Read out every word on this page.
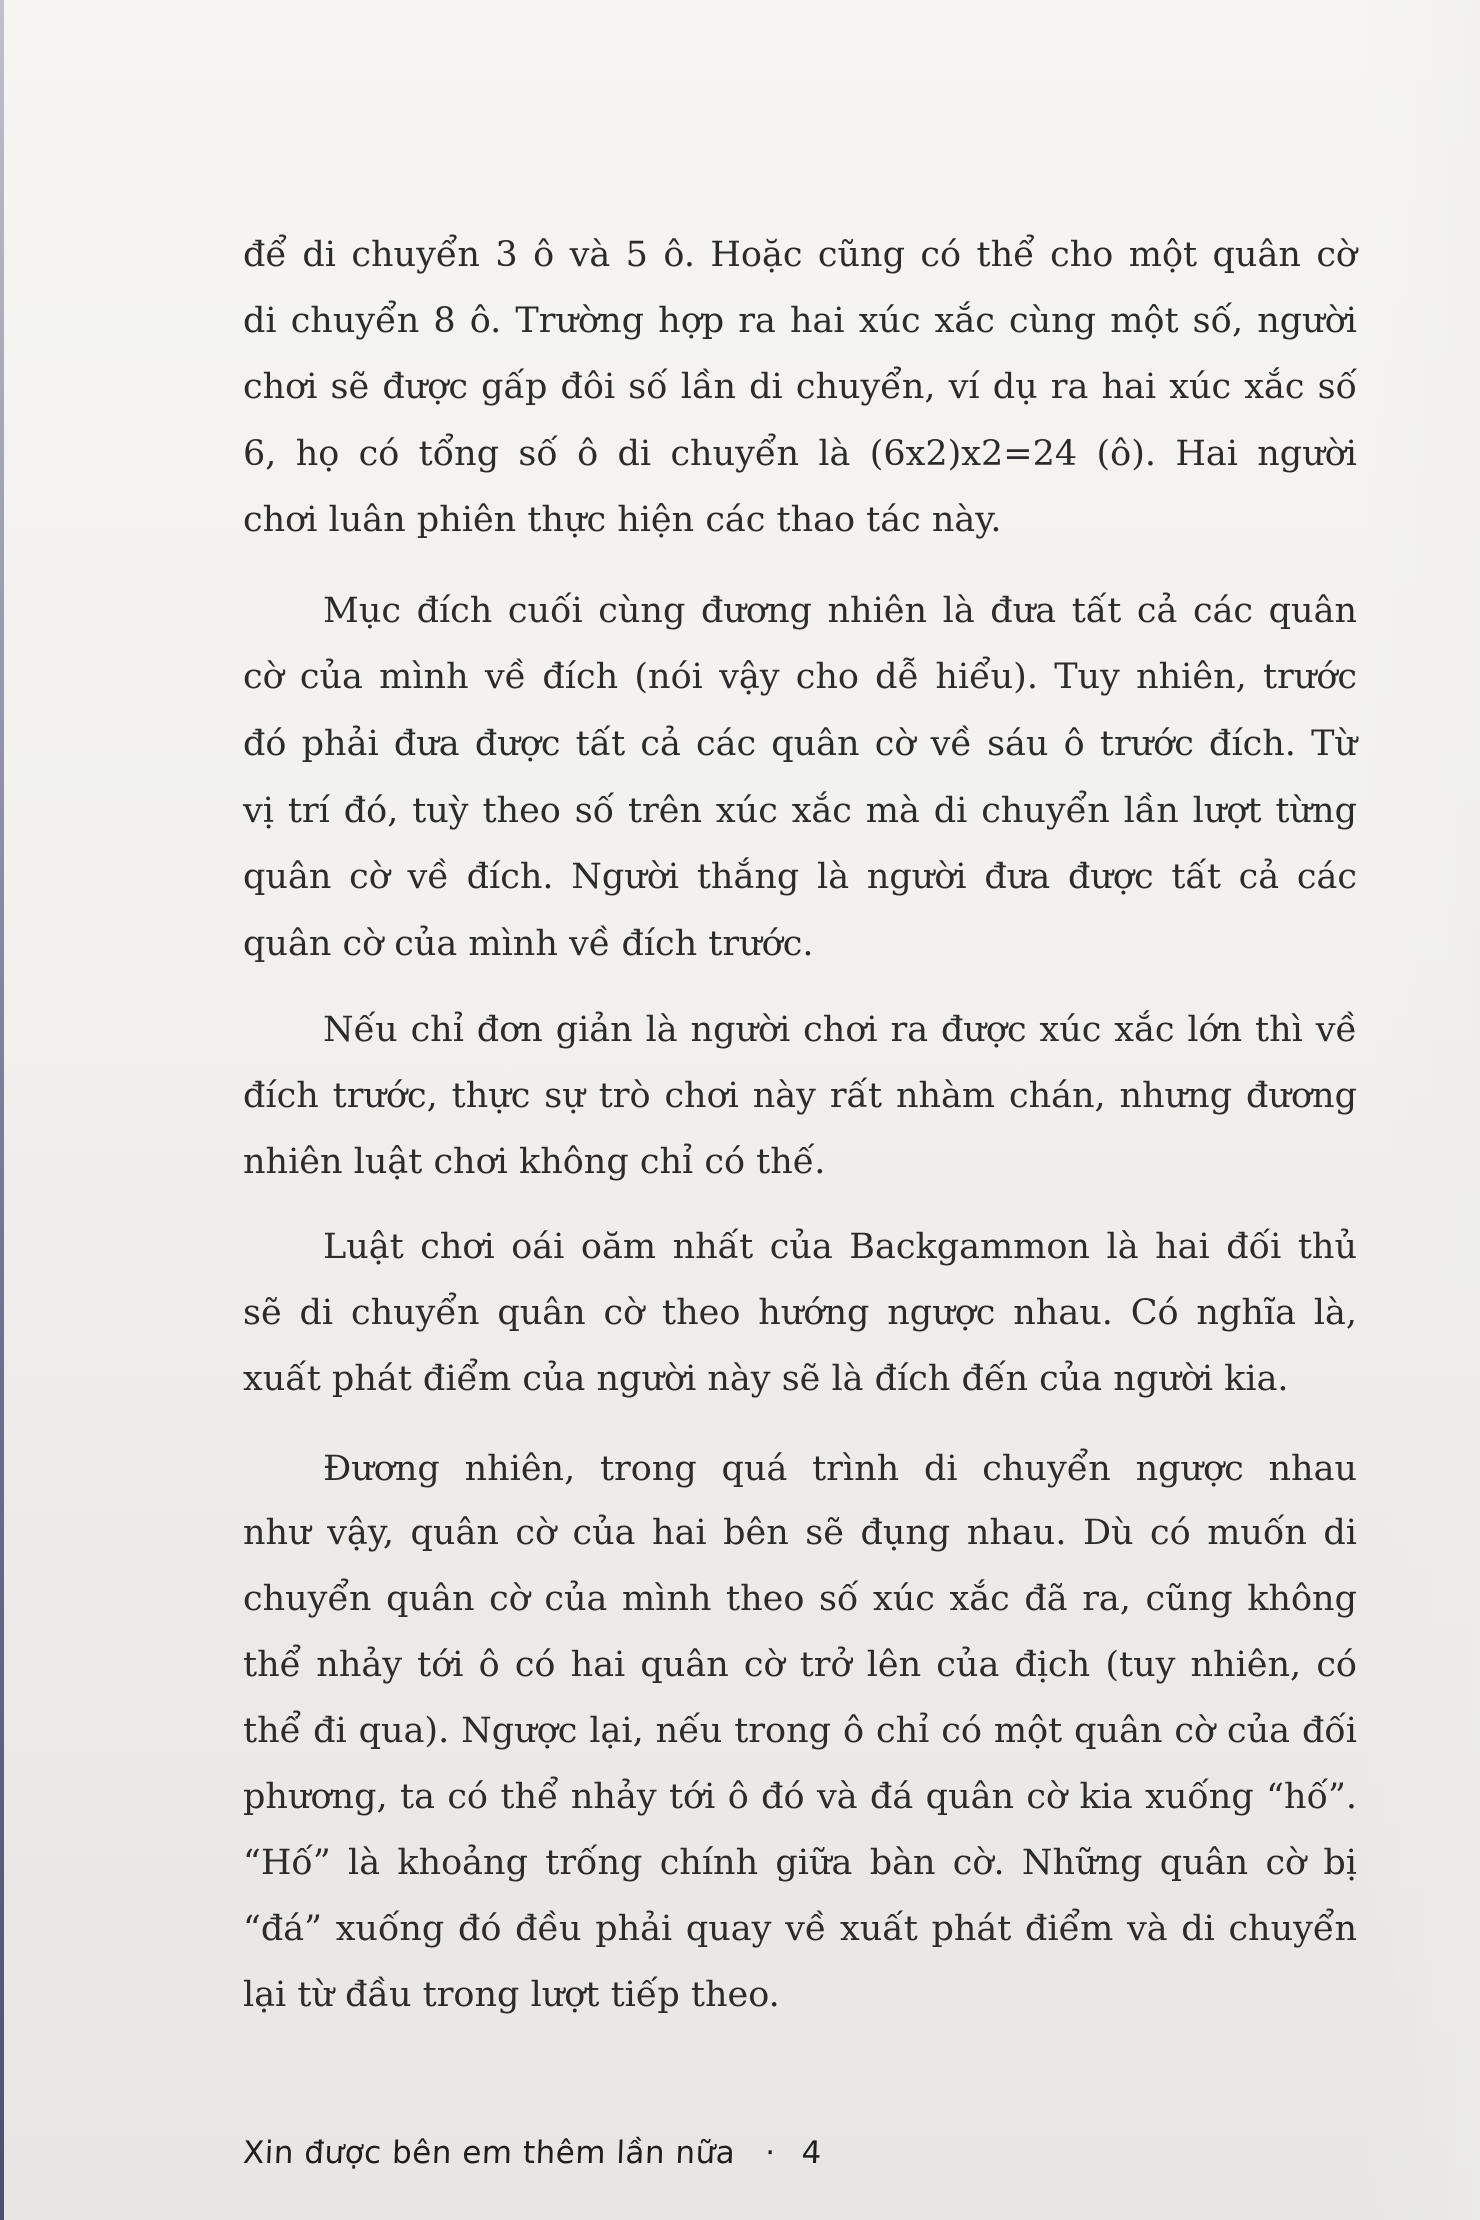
để di chuyển 3 ô và 5 ô. Hoặc cũng có thể cho một quân cờ
di chuyển 8 ô. Trường hợp ra hai xúc xắc cùng một số, người
chơi sẽ được gấp đôi số lần di chuyển, ví dụ ra hai xúc xắc số
6, họ có tổng số ô di chuyển là (6x2)x2=24 (ô). Hai người
chơi luân phiên thực hiện các thao tác này.
Mục đích cuối cùng đương nhiên là đưa tất cả các quân
cờ của mình về đích (nói vậy cho dễ hiểu). Tuy nhiên, trước
đó phải đưa được tất cả các quân cờ về sáu ô trước đích. Từ
vị trí đó, tuỳ theo số trên xúc xắc mà di chuyển lần lượt từng
quân cờ về đích. Người thắng là người đưa được tất cả các
quân cờ của mình về đích trước.
Nếu chỉ đơn giản là người chơi ra được xúc xắc lớn thì về
đích trước, thực sự trò chơi này rất nhàm chán, nhưng đương
nhiên luật chơi không chỉ có thế.
Luật chơi oái oăm nhất của Backgammon là hai đối thủ
sẽ di chuyển quân cờ theo hướng ngược nhau. Có nghĩa là,
xuất phát điểm của người này sẽ là đích đến của người kia.
Đương nhiên, trong quá trình di chuyển ngược nhau
như vậy, quân cờ của hai bên sẽ đụng nhau. Dù có muốn di
chuyển quân cờ của mình theo số xúc xắc đã ra, cũng không
thể nhảy tới ô có hai quân cờ trở lên của địch (tuy nhiên, có
thể đi qua). Ngược lại, nếu trong ô chỉ có một quân cờ của đối
phương, ta có thể nhảy tới ô đó và đá quân cờ kia xuống “hố”.
“Hố” là khoảng trống chính giữa bàn cờ. Những quân cờ bị
“đá” xuống đó đều phải quay về xuất phát điểm và di chuyển
lại từ đầu trong lượt tiếp theo.
Xin được bên em thêm lần nữa · 4
